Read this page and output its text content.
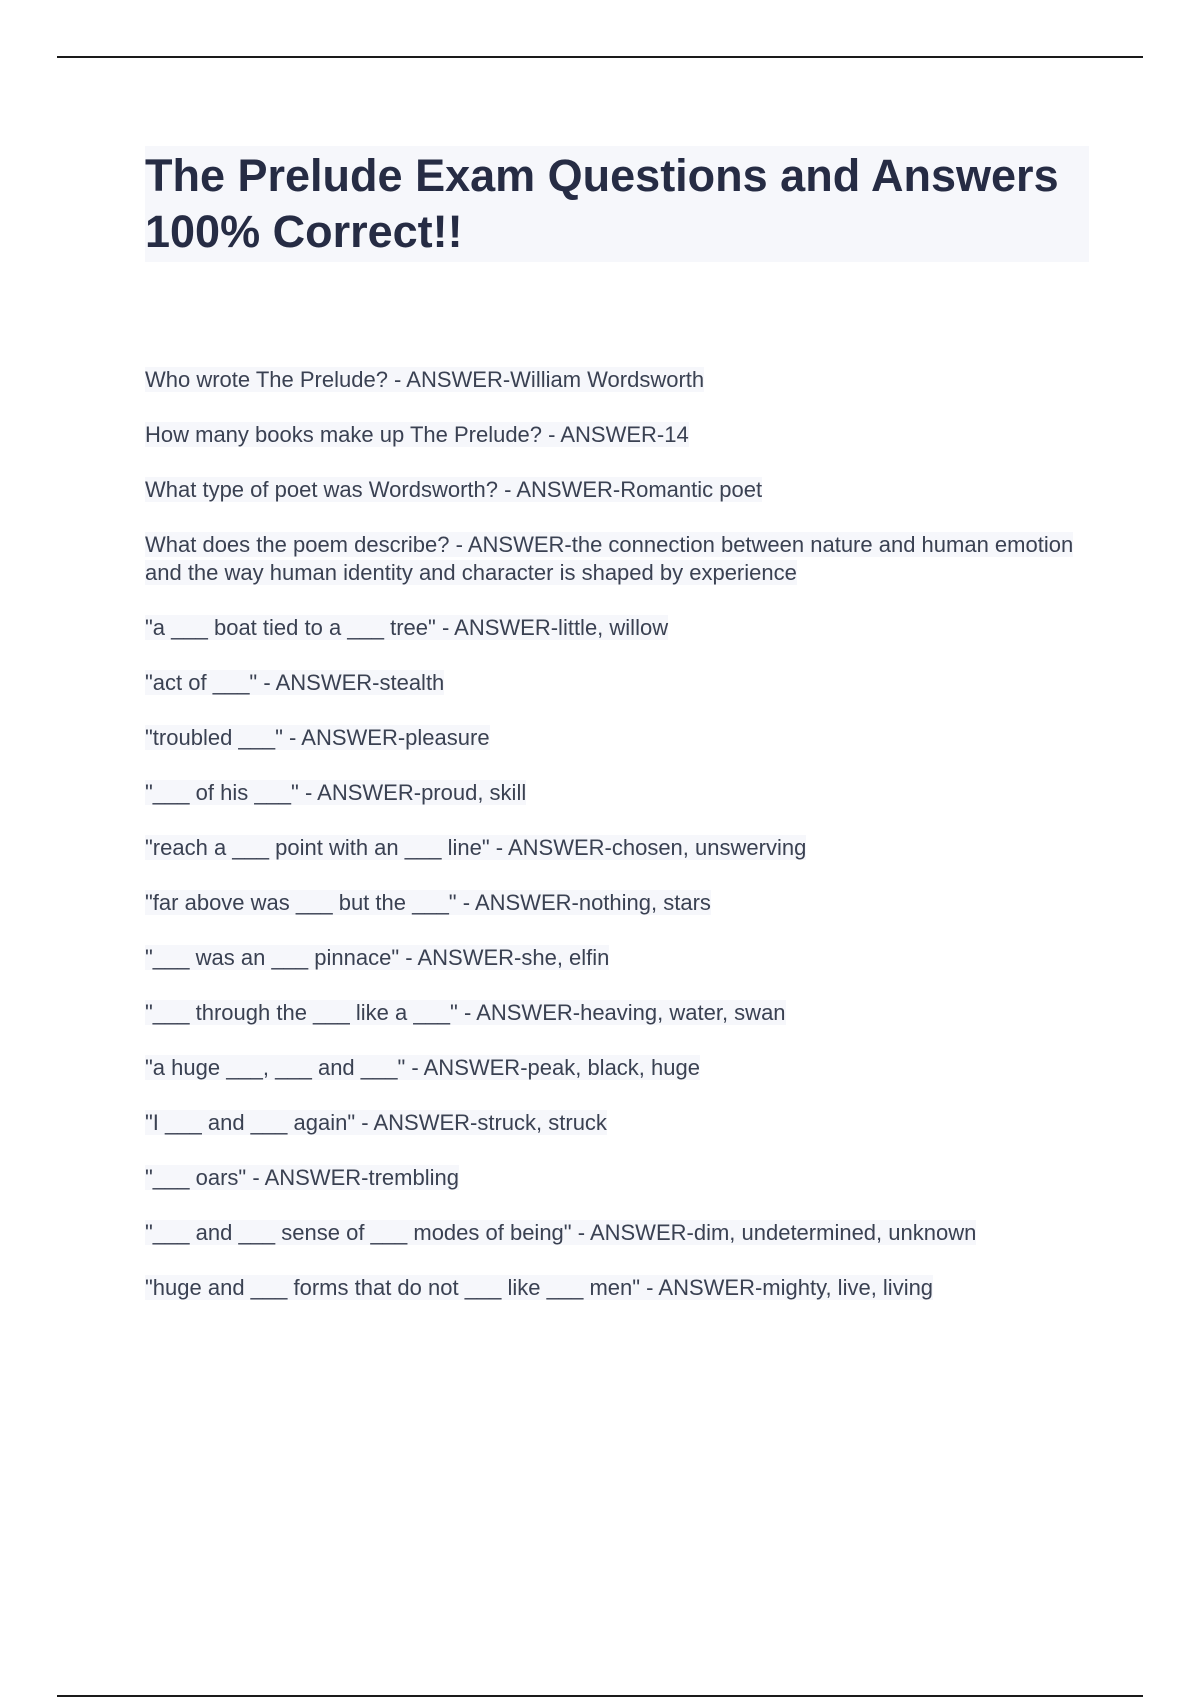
The Prelude Exam Questions and Answers 100% Correct!!
Who wrote The Prelude? - ANSWER-William Wordsworth
How many books make up The Prelude? - ANSWER-14
What type of poet was Wordsworth? - ANSWER-Romantic poet
What does the poem describe? - ANSWER-the connection between nature and human emotion and the way human identity and character is shaped by experience
"a ___ boat tied to a ___ tree" - ANSWER-little, willow
"act of ___" - ANSWER-stealth
"troubled ___" - ANSWER-pleasure
"___ of his ___" - ANSWER-proud, skill
"reach a ___ point with an ___ line" - ANSWER-chosen, unswerving
"far above was ___ but the ___" - ANSWER-nothing, stars
"___ was an ___ pinnace" - ANSWER-she, elfin
"___ through the ___ like a ___" - ANSWER-heaving, water, swan
"a huge ___, ___ and ___" - ANSWER-peak, black, huge
"I ___ and ___ again" - ANSWER-struck, struck
"___ oars" - ANSWER-trembling
"___ and ___ sense of ___ modes of being" - ANSWER-dim, undetermined, unknown
"huge and ___ forms that do not ___ like ___ men" - ANSWER-mighty, live, living
